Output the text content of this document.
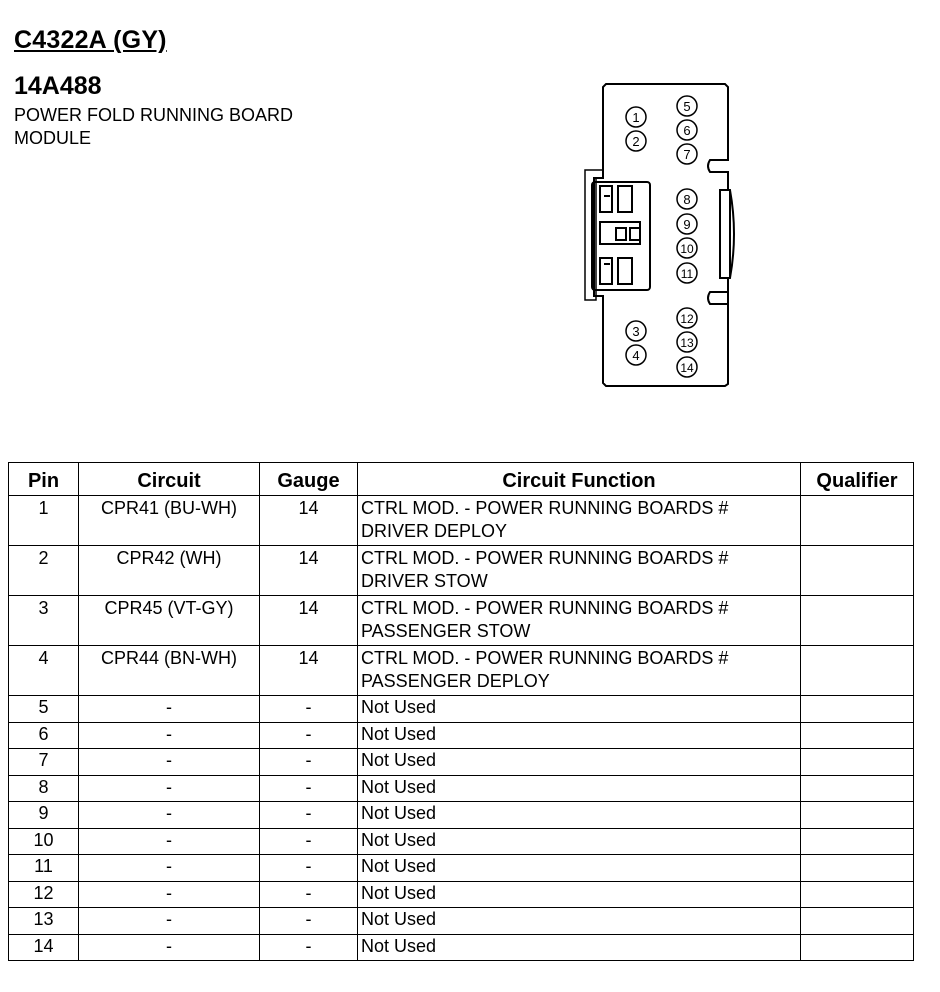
C4322A (GY)
14A488
POWER FOLD RUNNING BOARD
MODULE
1
2
3
4
5
6
7
8
9
10
11
12
13
14
Pin	Circuit	Gauge	Circuit Function	Qualifier
1	CPR41 (BU-WH)	14	CTRL MOD. - POWER RUNNING BOARDS #
DRIVER DEPLOY	

2	CPR42 (WH)	14	CTRL MOD. - POWER RUNNING BOARDS #
DRIVER STOW	

3	CPR45 (VT-GY)	14	CTRL MOD. - POWER RUNNING BOARDS #
PASSENGER STOW	

4	CPR44 (BN-WH)	14	CTRL MOD. - POWER RUNNING BOARDS #
PASSENGER DEPLOY	

5	-	-	Not Used	
6	-	-	Not Used	
7	-	-	Not Used	
8	-	-	Not Used	
9	-	-	Not Used	
10	-	-	Not Used	
11	-	-	Not Used	
12	-	-	Not Used	
13	-	-	Not Used	
14	-	-	Not Used	
